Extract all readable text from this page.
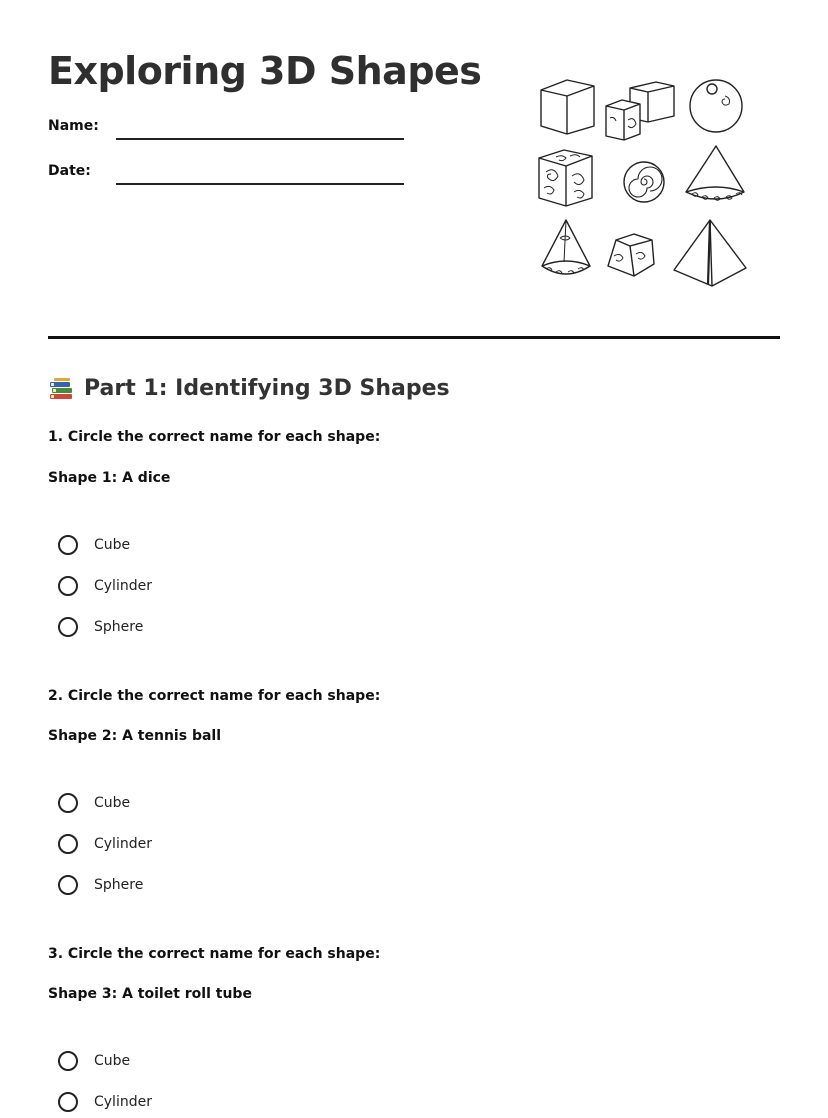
Exploring 3D Shapes
Name:
Date:
Part 1: Identifying 3D Shapes

1. Circle the correct name for each shape:

Shape 1: A dice

Cube
Cylinder
Sphere

2. Circle the correct name for each shape:

Shape 2: A tennis ball

Cube
Cylinder
Sphere

3. Circle the correct name for each shape:

Shape 3: A toilet roll tube

Cube
Cylinder
